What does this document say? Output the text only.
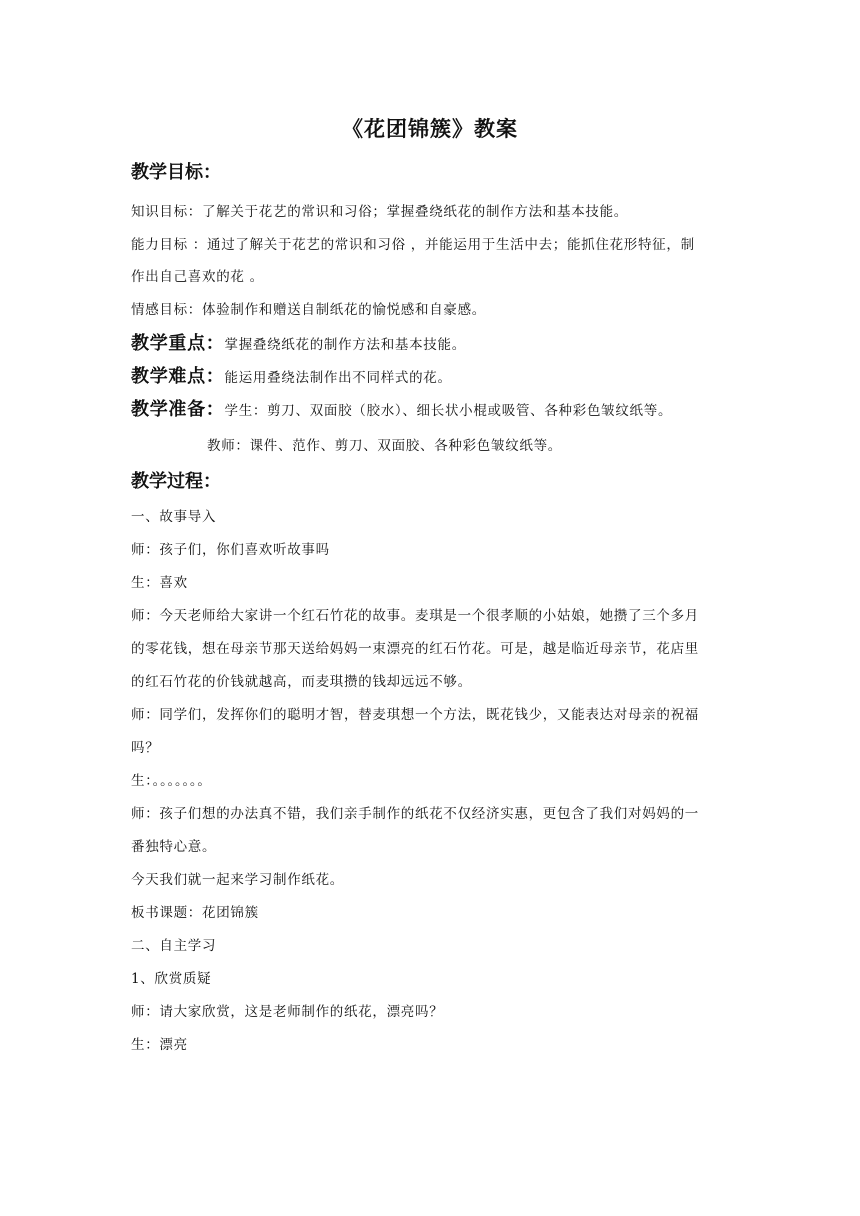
《花团锦簇》教案
教学目标：
知识目标：了解关于花艺的常识和习俗；掌握叠绕纸花的制作方法和基本技能。
能力目标 ：通过了解关于花艺的常识和习俗 ，并能运用于生活中去；能抓住花形特征，制
作出自己喜欢的花 。
情感目标：体验制作和赠送自制纸花的愉悦感和自豪感。
教学重点：掌握叠绕纸花的制作方法和基本技能。
教学难点：能运用叠绕法制作出不同样式的花。
教学准备：学生：剪刀、双面胶（胶水）、细长状小棍或吸管、各种彩色皱纹纸等。
教师：课件、范作、剪刀、双面胶、各种彩色皱纹纸等。
教学过程：
一、故事导入
师：孩子们，你们喜欢听故事吗
生：喜欢
师：今天老师给大家讲一个红石竹花的故事。麦琪是一个很孝顺的小姑娘，她攒了三个多月
的零花钱，想在母亲节那天送给妈妈一束漂亮的红石竹花。可是，越是临近母亲节，花店里
的红石竹花的价钱就越高，而麦琪攒的钱却远远不够。
师：同学们，发挥你们的聪明才智，替麦琪想一个方法，既花钱少，又能表达对母亲的祝福
吗？
生：。。。。。。。
师：孩子们想的办法真不错，我们亲手制作的纸花不仅经济实惠，更包含了我们对妈妈的一
番独特心意。
今天我们就一起来学习制作纸花。
板书课题：花团锦簇
二、自主学习
1、欣赏质疑
师：请大家欣赏，这是老师制作的纸花，漂亮吗？
生：漂亮
